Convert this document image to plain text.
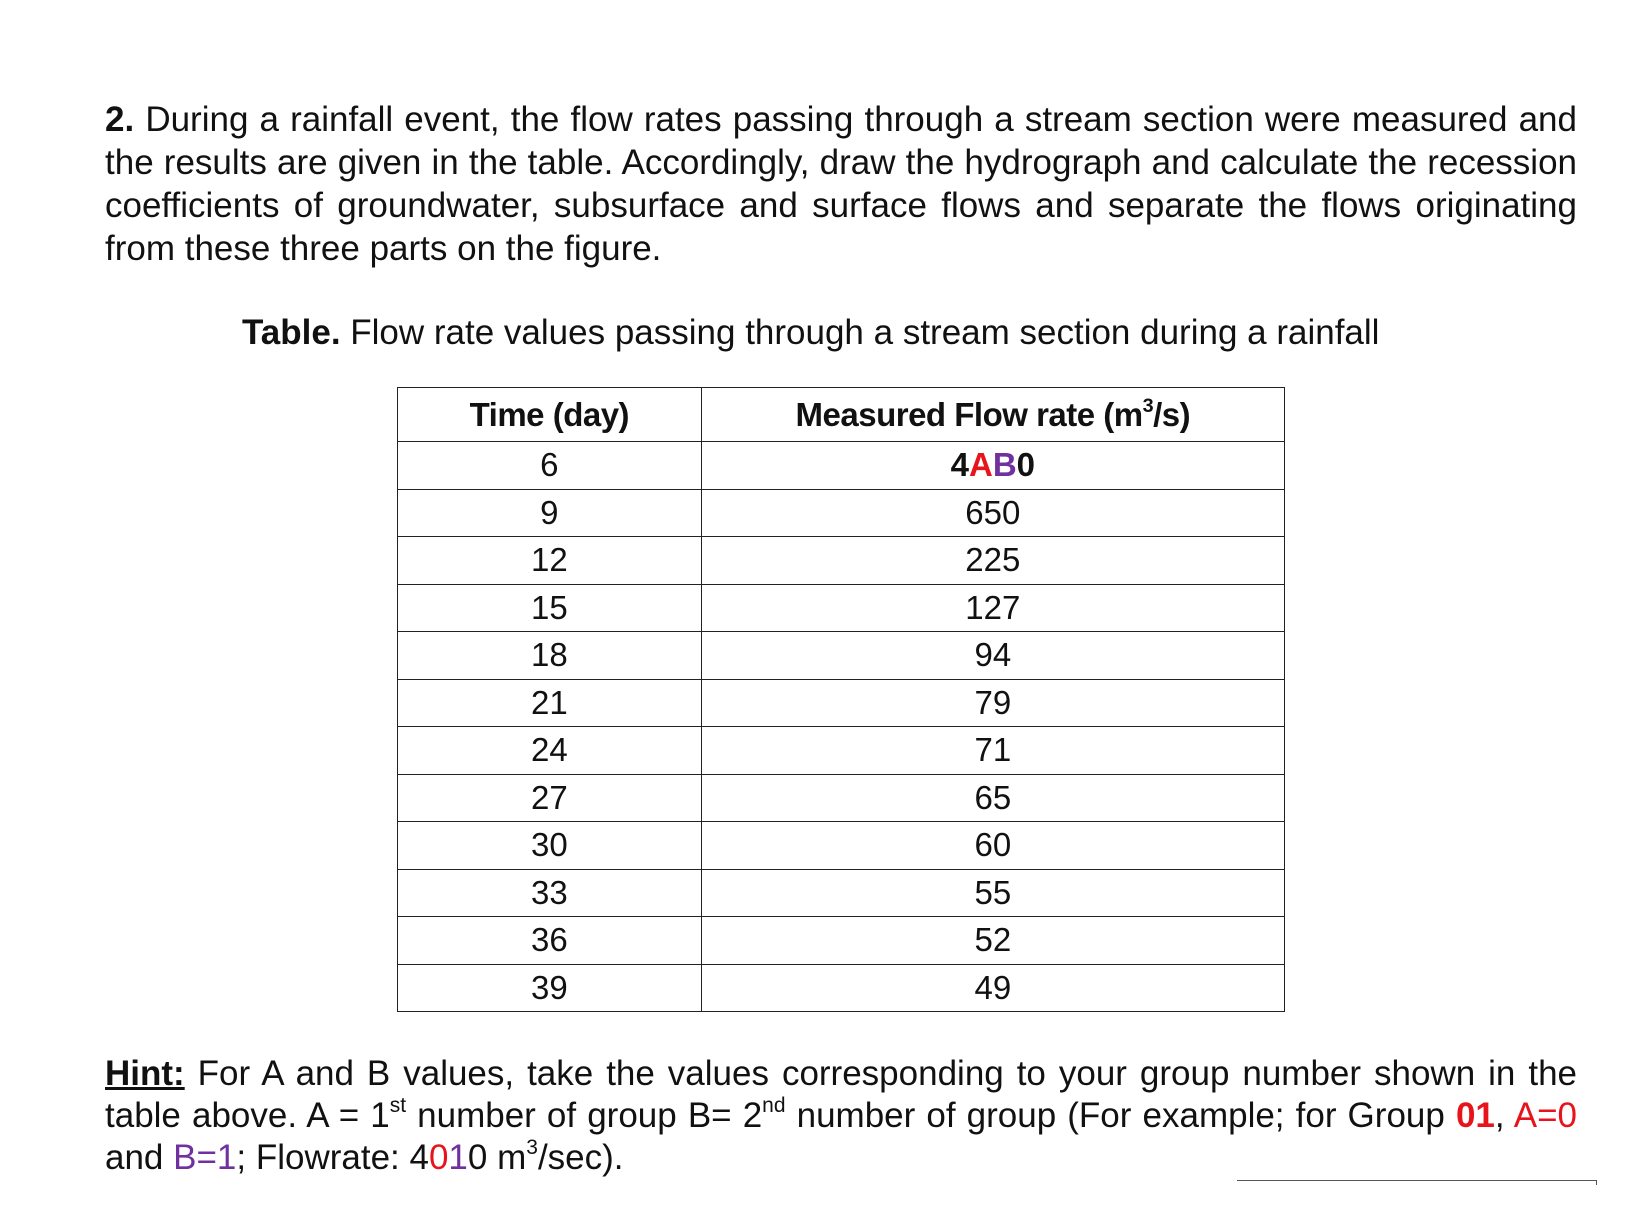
2. During a rainfall event, the flow rates passing through a stream section were measured and the results are given in the table. Accordingly, draw the hydrograph and calculate the recession coefficients of groundwater, subsurface and surface flows and separate the flows originating from these three parts on the figure.

Table. Flow rate values passing through a stream section during a rainfall

Time (day)	Measured Flow rate $(m^3/s)$
6	4AB0
9	650
12	225
15	127
18	94
21	79
24	71
27	65
30	60
33	55
36	52
39	49

Hint: For A and B values, take the values corresponding to your group number shown in the table above. A = 1st number of group B= 2nd number of group (For example; for Group 01, A=0 and B=1; Flowrate: 4010 $m^3/\sec$).
